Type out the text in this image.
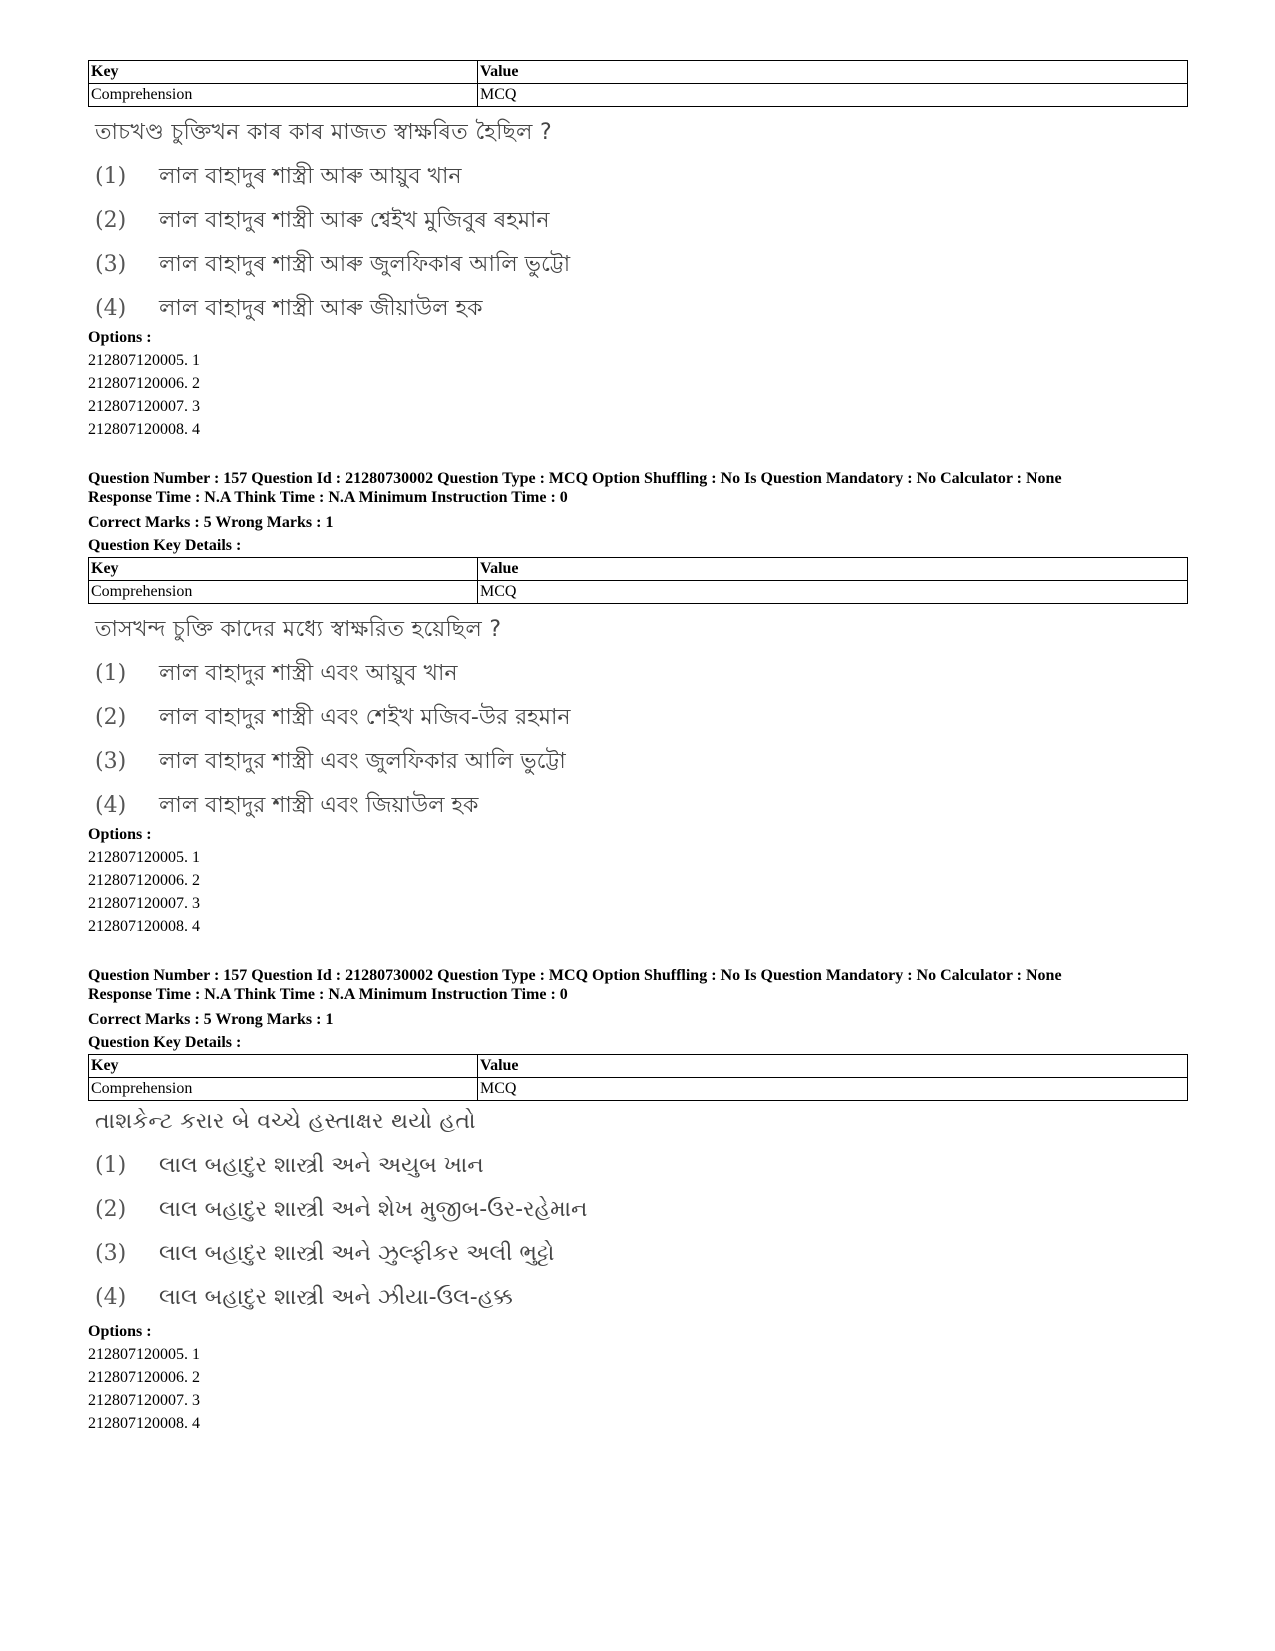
Key	Value
Comprehension	MCQ
তাচখণ্ড চুক্তিখন কাৰ কাৰ মাজত স্বাক্ষৰিত হৈছিল ?
(1) লাল বাহাদুৰ শাস্ত্ৰী আৰু আয়ুব খান
(2) লাল বাহাদুৰ শাস্ত্ৰী আৰু শ্বেইখ মুজিবুৰ ৰহমান
(3) লাল বাহাদুৰ শাস্ত্ৰী আৰু জুলফিকাৰ আলি ভুট্টো
(4) লাল বাহাদুৰ শাস্ত্ৰী আৰু জীয়াউল হক
Options :
212807120005. 1
212807120006. 2
212807120007. 3
212807120008. 4
Question Number : 157 Question Id : 21280730002 Question Type : MCQ Option Shuffling : No Is Question Mandatory : No Calculator : None
Response Time : N.A Think Time : N.A Minimum Instruction Time : 0
Correct Marks : 5 Wrong Marks : 1
Question Key Details :
Key	Value
Comprehension	MCQ
তাসখন্দ চুক্তি কাদের মধ্যে স্বাক্ষরিত হয়েছিল ?
(1) লাল বাহাদুর শাস্ত্রী এবং আয়ুব খান
(2) লাল বাহাদুর শাস্ত্রী এবং শেইখ মজিব-উর রহমান
(3) লাল বাহাদুর শাস্ত্রী এবং জুলফিকার আলি ভুট্টো
(4) লাল বাহাদুর শাস্ত্রী এবং জিয়াউল হক
Options :
212807120005. 1
212807120006. 2
212807120007. 3
212807120008. 4
Question Number : 157 Question Id : 21280730002 Question Type : MCQ Option Shuffling : No Is Question Mandatory : No Calculator : None
Response Time : N.A Think Time : N.A Minimum Instruction Time : 0
Correct Marks : 5 Wrong Marks : 1
Question Key Details :
Key	Value
Comprehension	MCQ
તાશકેન્ટ કરાર બે વચ્ચે હસ્તાક્ષર થયો હતો
(1) લાલ બહાદુર શાસ્ત્રી અને અયુબ ખાન
(2) લાલ બહાદુર શાસ્ત્રી અને શેખ મુજીબ-ઉર-રહેમાન
(3) લાલ બહાદુર શાસ્ત્રી અને ઝુલ્ફીકર અલી ભુટ્ટો
(4) લાલ બહાદુર શાસ્ત્રી અને ઝીયા-ઉલ-હક્ક
Options :
212807120005. 1
212807120006. 2
212807120007. 3
212807120008. 4
